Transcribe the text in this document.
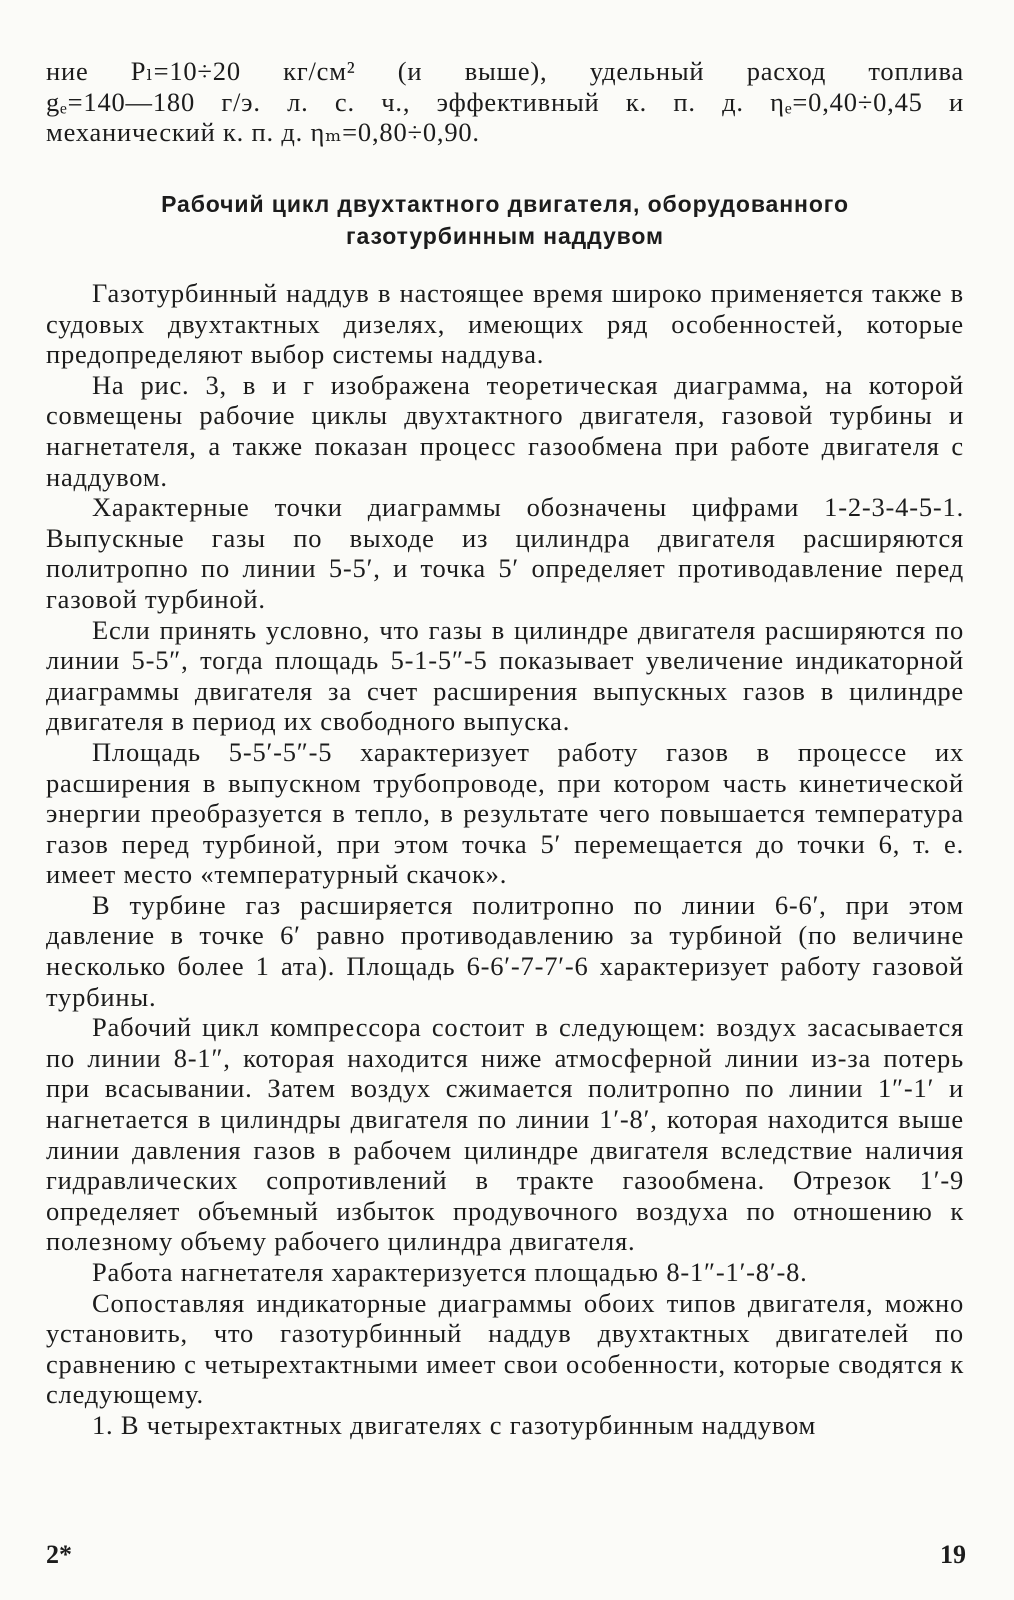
ние Pₗ=10÷20 кг/см² (и выше), удельный расход топлива
gₑ=140—180 г/э. л. с. ч., эффективный к. п. д. ηₑ=0,40÷0,45 и
механический к. п. д. ηₘ=0,80÷0,90.
Рабочий цикл двухтактного двигателя, оборудованного
газотурбинным наддувом

Газотурбинный наддув в настоящее время широко применяется также в судовых двухтактных дизелях, имеющих ряд особенностей, которые предопределяют выбор системы наддува.

На рис. 3, в и г изображена теоретическая диаграмма, на которой совмещены рабочие циклы двухтактного двигателя, газовой турбины и нагнетателя, а также показан процесс газообмена при работе двигателя с наддувом.

Характерные точки диаграммы обозначены цифрами 1-2-3-4-5-1. Выпускные газы по выходе из цилиндра двигателя расширяются политропно по линии 5-5′, и точка 5′ определяет противодавление перед газовой турбиной.

Если принять условно, что газы в цилиндре двигателя расширяются по линии 5-5″, тогда площадь 5-1-5″-5 показывает увеличение индикаторной диаграммы двигателя за счет расширения выпускных газов в цилиндре двигателя в период их свободного выпуска.

Площадь 5-5′-5″-5 характеризует работу газов в процессе их расширения в выпускном трубопроводе, при котором часть кинетической энергии преобразуется в тепло, в результате чего повышается температура газов перед турбиной, при этом точка 5′ перемещается до точки 6, т. е. имеет место «температурный скачок».

В турбине газ расширяется политропно по линии 6-6′, при этом давление в точке 6′ равно противодавлению за турбиной (по величине несколько более 1 ата). Площадь 6-6′-7-7′-6 характеризует работу газовой турбины.

Рабочий цикл компрессора состоит в следующем: воздух засасывается по линии 8-1″, которая находится ниже атмосферной линии из-за потерь при всасывании. Затем воздух сжимается политропно по линии 1″-1′ и нагнетается в цилиндры двигателя по линии 1′-8′, которая находится выше линии давления газов в рабочем цилиндре двигателя вследствие наличия гидравлических сопротивлений в тракте газообмена. Отрезок 1′-9 определяет объемный избыток продувочного воздуха по отношению к полезному объему рабочего цилиндра двигателя.

Работа нагнетателя характеризуется площадью 8-1″-1′-8′-8.

Сопоставляя индикаторные диаграммы обоих типов двигателя, можно установить, что газотурбинный наддув двухтактных двигателей по сравнению с четырехтактными имеет свои особенности, которые сводятся к следующему.

1. В четырехтактных двигателях с газотурбинным наддувом

2*	19
